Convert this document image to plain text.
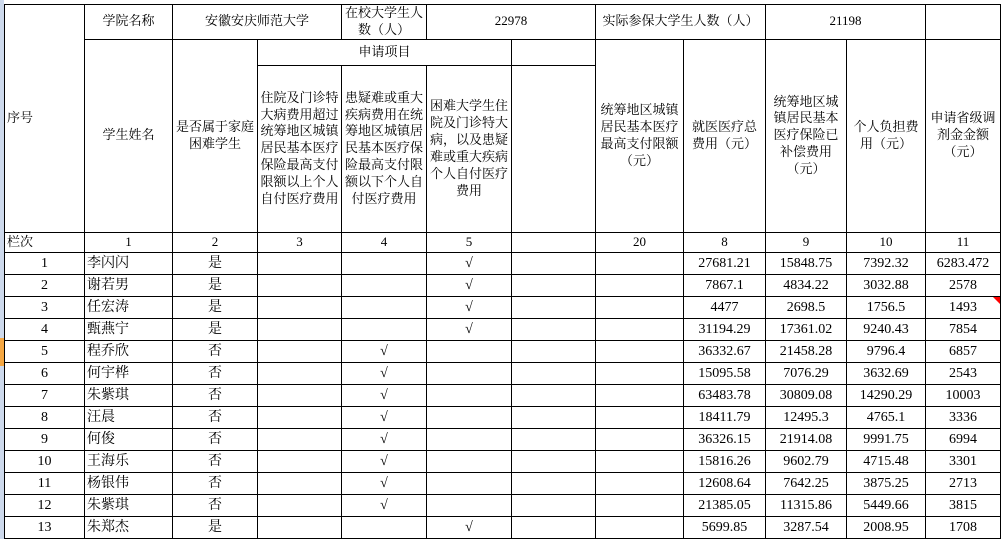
序号	学院名称	安徽安庆师范大学		在校大学生人数（人）	22978		实际参保大学生人数（人）		21198		
	学生姓名	是否属于家庭困难学生	申请项目				统筹地区城镇居民基本医疗最高支付限额（元）	就医医疗总费用（元）	统筹地区城镇居民基本医疗保险已补偿费用（元）	个人负担费用（元）	申请省级调剂金金额（元）
			住院及门诊特大病费用超过统筹地区城镇居民基本医疗保险最高支付限额以上个人自付医疗费用	患疑难或重大疾病费用在统筹地区城镇居民基本医疗保险最高支付限额以下个人自付医疗费用	困难大学生住院及门诊特大病，以及患疑难或重大疾病个人自付医疗费用						
栏次	1	2	3	4	5		20	8	9	10	11
1	李闪闪	是			√			27681.21	15848.75	7392.32	6283.472
2	谢若男	是			√			7867.1	4834.22	3032.88	2578
3	任宏涛	是			√			4477	2698.5	1756.5	1493

4	甄燕宁	是			√			31194.29	17361.02	9240.43	7854
5	程乔欣	否		√				36332.67	21458.28	9796.4	6857
6	何宇桦	否		√				15095.58	7076.29	3632.69	2543
7	朱紫琪	否		√				63483.78	30809.08	14290.29	10003
8	汪晨	否		√				18411.79	12495.3	4765.1	3336
9	何俊	否		√				36326.15	21914.08	9991.75	6994
10	王海乐	否		√				15816.26	9602.79	4715.48	3301
11	杨银伟	否		√				12608.64	7642.25	3875.25	2713
12	朱紫琪	否		√				21385.05	11315.86	5449.66	3815
13	朱郑杰	是			√			5699.85	3287.54	2008.95	1708
